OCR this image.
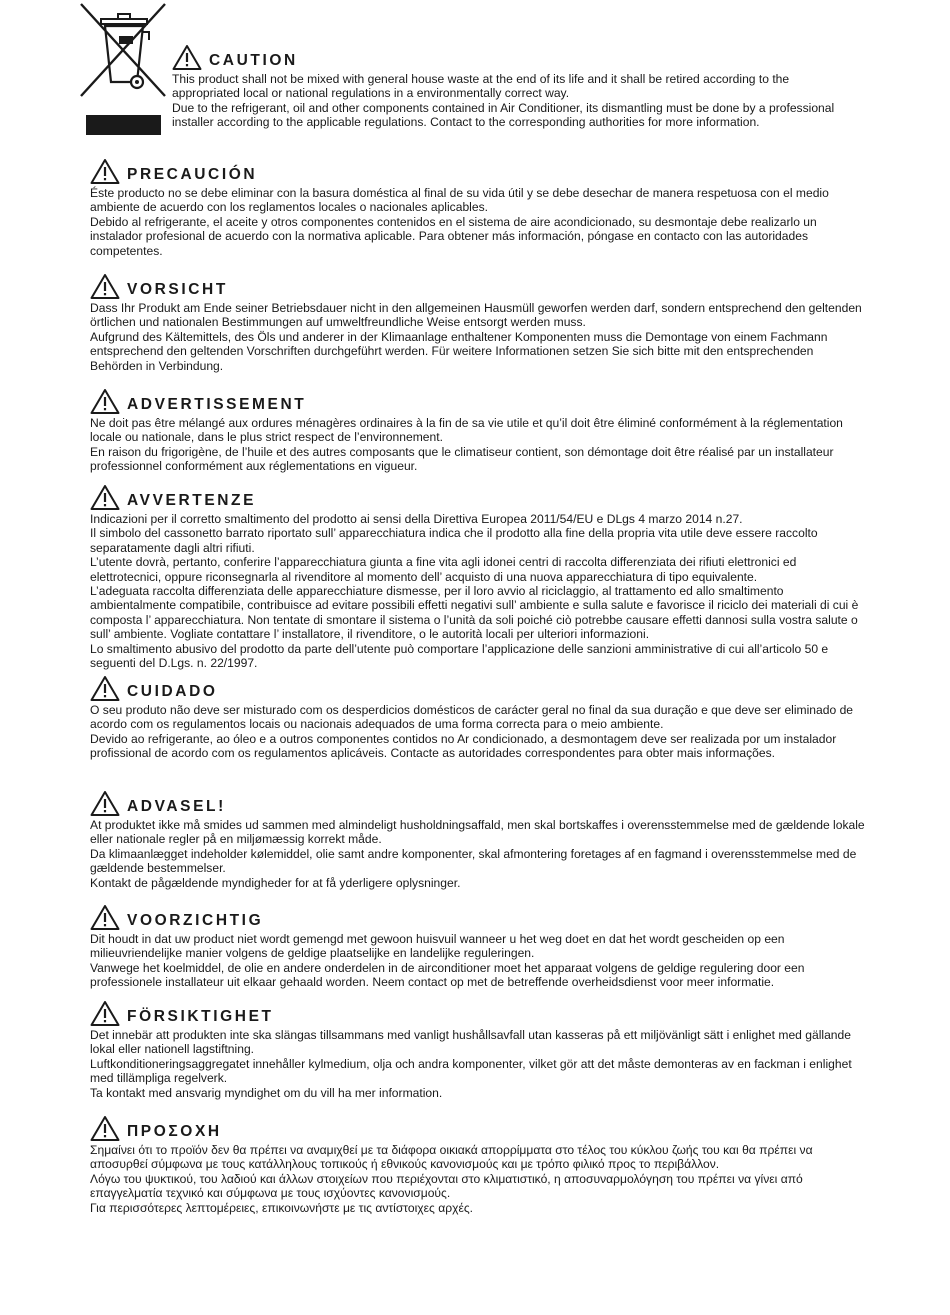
CAUTION

This product shall not be mixed with general house waste at the end of its life and it shall be retired according to the appropriated local or national regulations in a environmentally correct way.

Due to the refrigerant, oil and other components contained in Air Conditioner, its dismantling must be done by a professional installer according to the applicable regulations. Contact to the corresponding authorities for more information.

PRECAUCIÓN

Éste producto no se debe eliminar con la basura doméstica al final de su vida útil y se debe desechar de manera respetuosa con el medio ambiente de acuerdo con los reglamentos locales o nacionales aplicables.

Debido al refrigerante, el aceite y otros componentes contenidos en el sistema de aire acondicionado, su desmontaje debe realizarlo un instalador profesional de acuerdo con la normativa aplicable. Para obtener más información, póngase en contacto con las autoridades competentes.

VORSICHT

Dass Ihr Produkt am Ende seiner Betriebsdauer nicht in den allgemeinen Hausmüll geworfen werden darf, sondern entsprechend den geltenden örtlichen und nationalen Bestimmungen auf umweltfreundliche Weise entsorgt werden muss.

Aufgrund des Kältemittels, des Öls und anderer in der Klimaanlage enthaltener Komponenten muss die Demontage von einem Fachmann entsprechend den geltenden Vorschriften durchgeführt werden. Für weitere Informationen setzen Sie sich bitte mit den entsprechenden Behörden in Verbindung.

ADVERTISSEMENT

Ne doit pas être mélangé aux ordures ménagères ordinaires à la fin de sa vie utile et qu’il doit être éliminé conformément à la réglementation locale ou nationale, dans le plus strict respect de l’environnement.

En raison du frigorigène, de l’huile et des autres composants que le climatiseur contient, son démontage doit être réalisé par un installateur professionnel conformément aux réglementations en vigueur.

AVVERTENZE

Indicazioni per il corretto smaltimento del prodotto ai sensi della Direttiva Europea 2011/54/EU e DLgs 4 marzo 2014 n.27.

Il simbolo del cassonetto barrato riportato sull’ apparecchiatura indica che il prodotto alla fine della propria vita utile deve essere raccolto separatamente dagli altri rifiuti.

L’utente dovrà, pertanto, conferire l’apparecchiatura giunta a fine vita agli idonei centri di raccolta differenziata dei rifiuti elettronici ed elettrotecnici, oppure riconsegnarla al rivenditore al momento dell’ acquisto di una nuova apparecchiatura di tipo equivalente.

L’adeguata raccolta differenziata delle apparecchiature dismesse, per il loro avvio al riciclaggio, al trattamento ed allo smaltimento ambientalmente compatibile, contribuisce ad evitare possibili effetti negativi sull’ ambiente e sulla salute e favorisce il riciclo dei materiali di cui è composta l’ apparecchiatura. Non tentate di smontare il sistema o l’unità da soli poiché ciò potrebbe causare effetti dannosi sulla vostra salute o sull’ ambiente. Vogliate contattare l’ installatore, il rivenditore, o le autorità locali per ulteriori informazioni.

Lo smaltimento abusivo del prodotto da parte dell’utente può comportare l’applicazione delle sanzioni amministrative di cui all’articolo 50 e seguenti del D.Lgs. n. 22/1997.

CUIDADO

O seu produto não deve ser misturado com os desperdicios domésticos de carácter geral no final da sua duração e que deve ser eliminado de acordo com os regulamentos locais ou nacionais adequados de uma forma correcta para o meio ambiente.

Devido ao refrigerante, ao óleo e a outros componentes contidos no Ar condicionado, a desmontagem deve ser realizada por um instalador profissional de acordo com os regulamentos aplicáveis. Contacte as autoridades correspondentes para obter mais informações.

ADVASEL!

At produktet ikke må smides ud sammen med almindeligt husholdningsaffald, men skal bortskaffes i overensstemmelse med de gældende lokale eller nationale regler på en miljømæssig korrekt måde.

Da klimaanlægget indeholder kølemiddel, olie samt andre komponenter, skal afmontering foretages af en fagmand i overensstemmelse med de gældende bestemmelser.

Kontakt de pågældende myndigheder for at få yderligere oplysninger.

VOORZICHTIG

Dit houdt in dat uw product niet wordt gemengd met gewoon huisvuil wanneer u het weg doet en dat het wordt gescheiden op een milieuvriendelijke manier volgens de geldige plaatselijke en landelijke reguleringen.

Vanwege het koelmiddel, de olie en andere onderdelen in de airconditioner moet het apparaat volgens de geldige regulering door een professionele installateur uit elkaar gehaald worden. Neem contact op met de betreffende overheidsdienst voor meer informatie.

FÖRSIKTIGHET

Det innebär att produkten inte ska slängas tillsammans med vanligt hushållsavfall utan kasseras på ett miljövänligt sätt i enlighet med gällande lokal eller nationell lagstiftning.

Luftkonditioneringsaggregatet innehåller kylmedium, olja och andra komponenter, vilket gör att det måste demonteras av en fackman i enlighet med tillämpliga regelverk.

Ta kontakt med ansvarig myndighet om du vill ha mer information.

ΠΡΟΣΟΧΗ

Σημαίνει ότι το προϊόν δεν θα πρέπει να αναμιχθεί με τα διάφορα οικιακά απορρίμματα στο τέλος του κύκλου ζωής του και θα πρέπει να αποσυρθεί σύμφωνα με τους κατάλληλους τοπικούς ή εθνικούς κανονισμούς και με τρόπο φιλικό προς το περιβάλλον.

Λόγω του ψυκτικού, του λαδιού και άλλων στοιχείων που περιέχονται στο κλιματιστικό, η αποσυναρμολόγηση του πρέπει να γίνει από επαγγελματία τεχνικό και σύμφωνα με τους ισχύοντες κανονισμούς.

Για περισσότερες λεπτομέρειες, επικοινωνήστε με τις αντίστοιχες αρχές.
